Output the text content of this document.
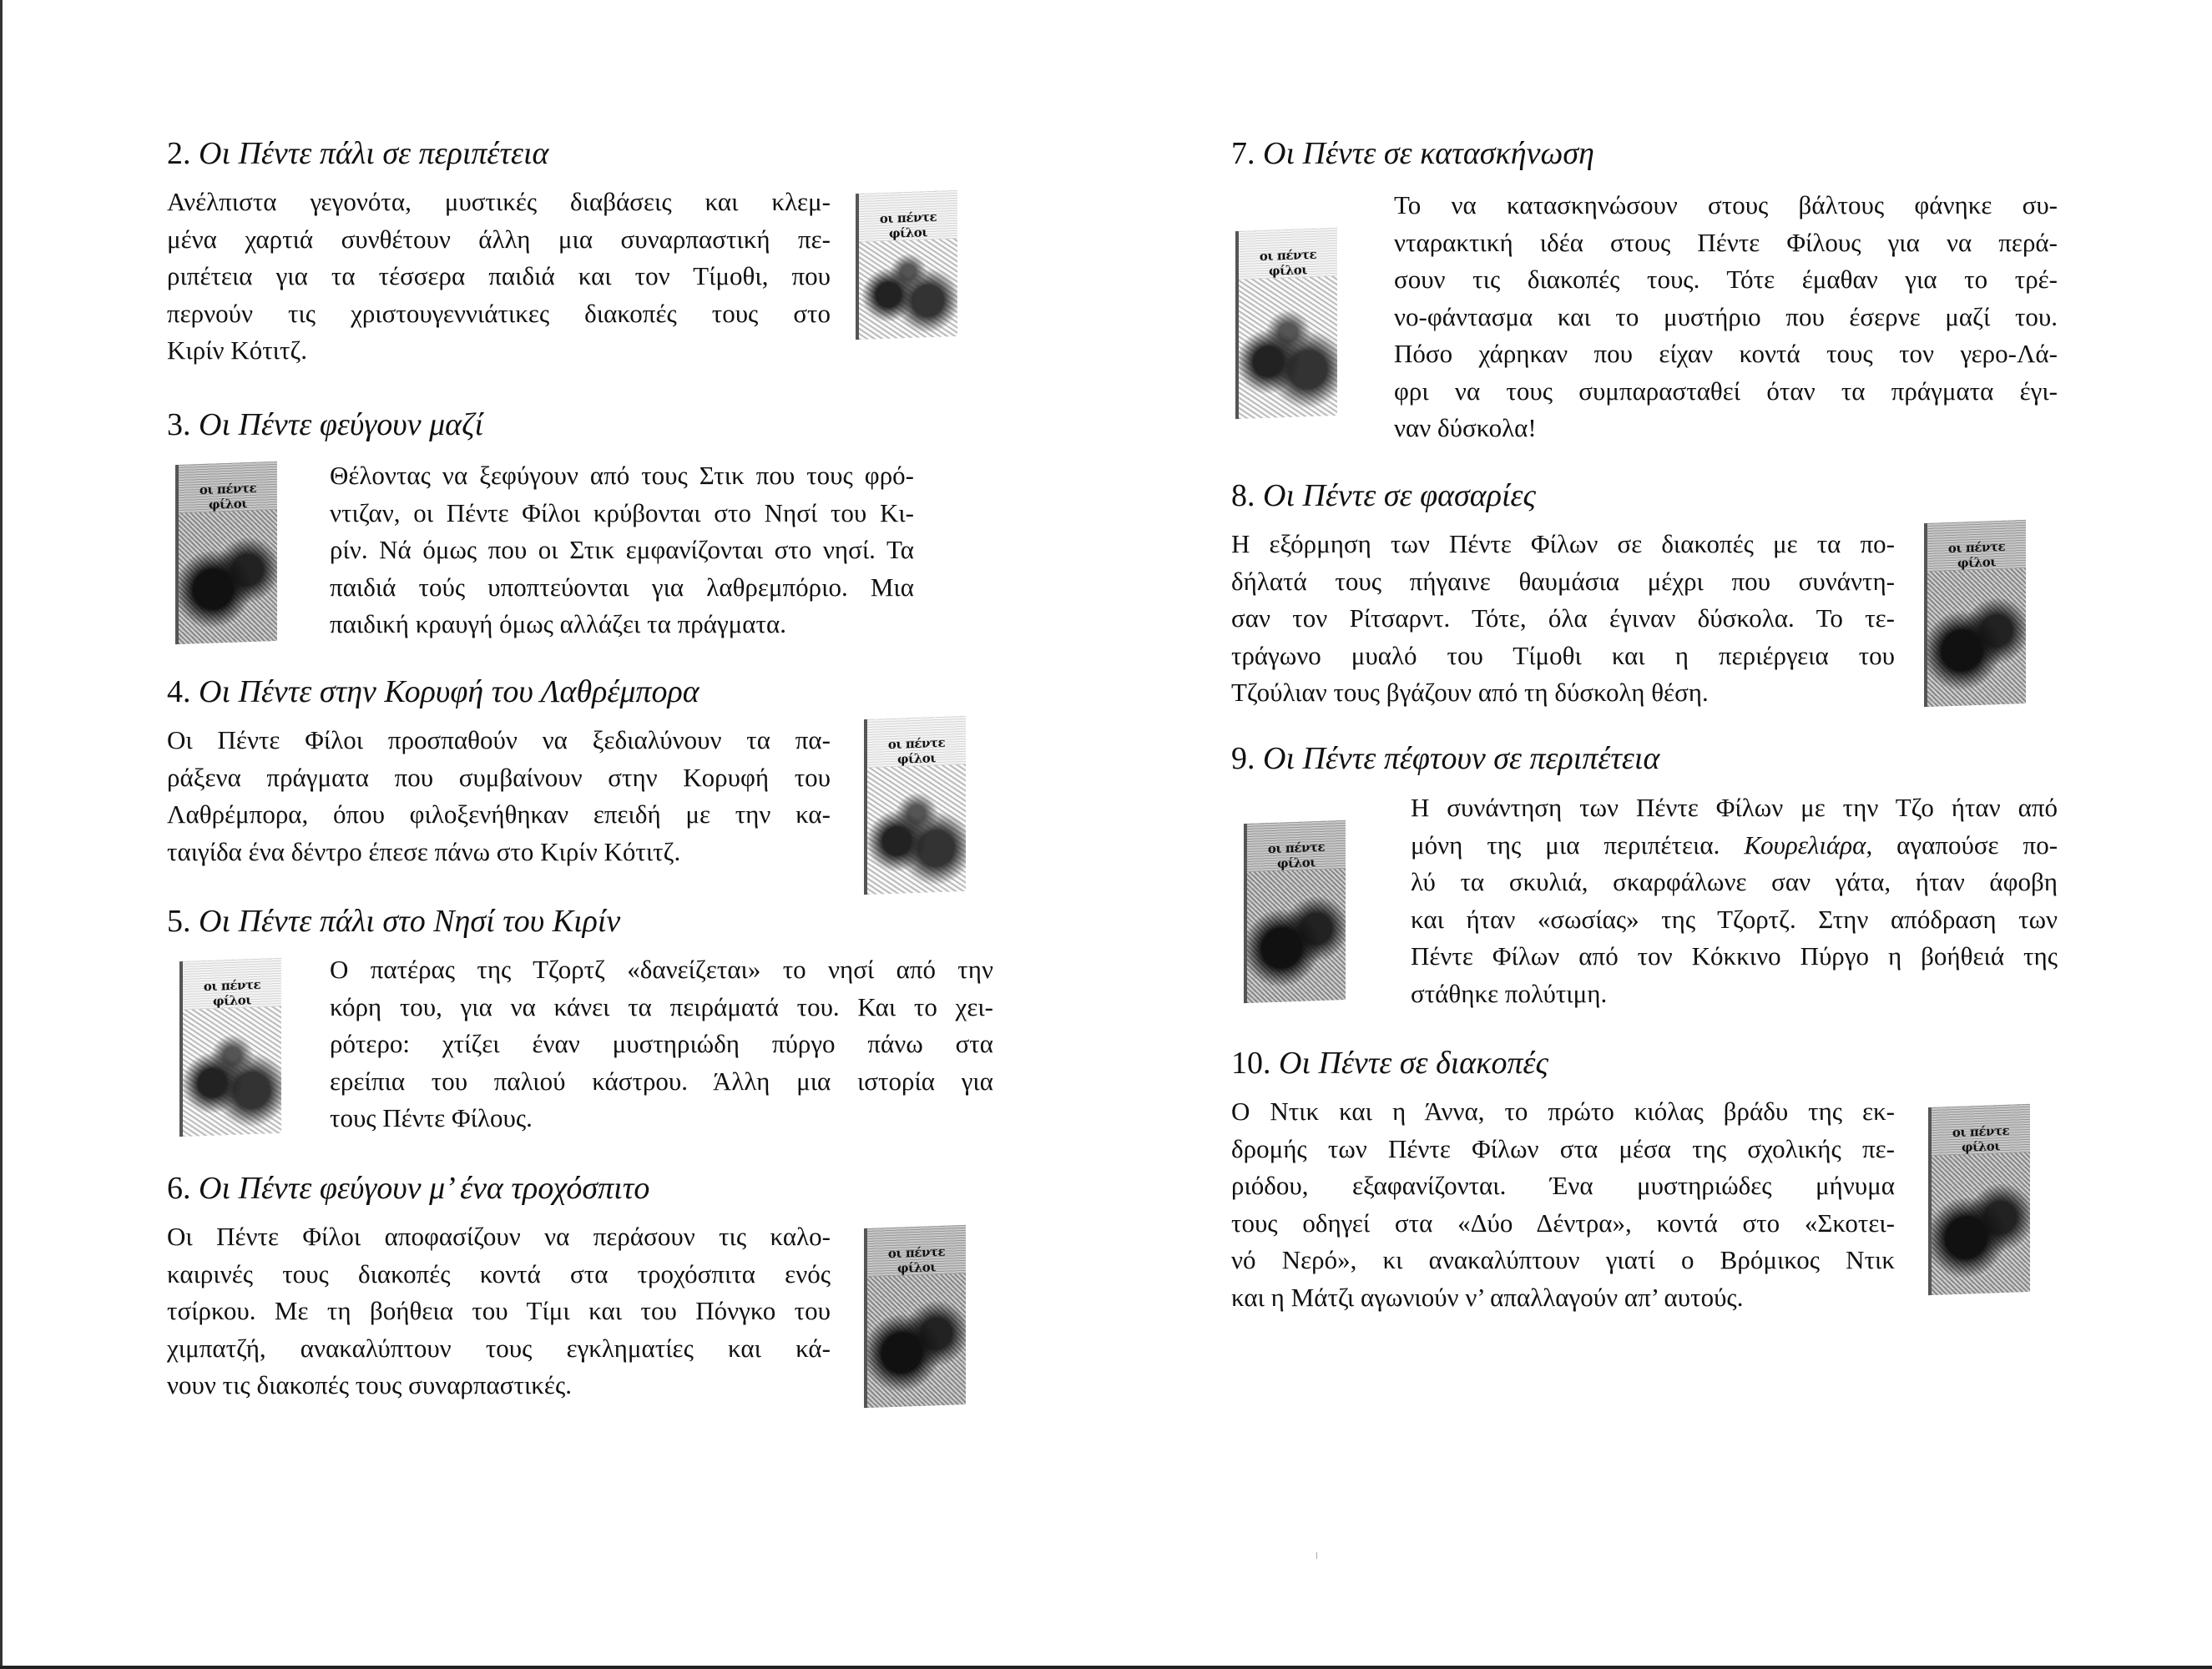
2. Οι Πέντε πάλι σε περιπέτεια

Ανέλπιστα γεγονότα, μυστικές διαβάσεις και κλεμ-
μένα χαρτιά συνθέτουν άλλη μια συναρπαστική πε-
ριπέτεια για τα τέσσερα παιδιά και τον Τίμοθι, που
περνούν τις χριστουγεννιάτικες διακοπές τους στο
Κιρίν Κότιτζ.

οι πέντε φίλοι
3. Οι Πέντε φεύγουν μαζί
οι πέντε φίλοι

Θέλοντας να ξεφύγουν από τους Στικ που τους φρό-
ντιζαν, οι Πέντε Φίλοι κρύβονται στο Νησί του Κι-
ρίν. Νά όμως που οι Στικ εμφανίζονται στο νησί. Τα
παιδιά τούς υποπτεύονται για λαθρεμπόριο. Μια
παιδική κραυγή όμως αλλάζει τα πράγματα.

4. Οι Πέντε στην Κορυφή του Λαθρέμπορα

Οι Πέντε Φίλοι προσπαθούν να ξεδιαλύνουν τα πα-
ράξενα πράγματα που συμβαίνουν στην Κορυφή του
Λαθρέμπορα, όπου φιλοξενήθηκαν επειδή με την κα-
ταιγίδα ένα δέντρο έπεσε πάνω στο Κιρίν Κότιτζ.

οι πέντε φίλοι
5. Οι Πέντε πάλι στο Νησί του Κιρίν
οι πέντε φίλοι

Ο πατέρας της Τζορτζ «δανείζεται» το νησί από την
κόρη του, για να κάνει τα πειράματά του. Και το χει-
ρότερο: χτίζει έναν μυστηριώδη πύργο πάνω στα
ερείπια του παλιού κάστρου. Άλλη μια ιστορία για
τους Πέντε Φίλους.

6. Οι Πέντε φεύγουν μ’ ένα τροχόσπιτο

Οι Πέντε Φίλοι αποφασίζουν να περάσουν τις καλο-
καιρινές τους διακοπές κοντά στα τροχόσπιτα ενός
τσίρκου. Με τη βοήθεια του Τίμι και του Πόνγκο του
χιμπατζή, ανακαλύπτουν τους εγκληματίες και κά-
νουν τις διακοπές τους συναρπαστικές.

οι πέντε φίλοι
7. Οι Πέντε σε κατασκήνωση
οι πέντε φίλοι

Το να κατασκηνώσουν στους βάλτους φάνηκε συ-
νταρακτική ιδέα στους Πέντε Φίλους για να περά-
σουν τις διακοπές τους. Τότε έμαθαν για το τρέ-
νο-φάντασμα και το μυστήριο που έσερνε μαζί του.
Πόσο χάρηκαν που είχαν κοντά τους τον γερο-Λά-
φρι να τους συμπαρασταθεί όταν τα πράγματα έγι-
ναν δύσκολα!

8. Οι Πέντε σε φασαρίες

Η εξόρμηση των Πέντε Φίλων σε διακοπές με τα πο-
δήλατά τους πήγαινε θαυμάσια μέχρι που συνάντη-
σαν τον Ρίτσαρντ. Τότε, όλα έγιναν δύσκολα. Το τε-
τράγωνο μυαλό του Τίμοθι και η περιέργεια του
Τζούλιαν τους βγάζουν από τη δύσκολη θέση.

οι πέντε φίλοι
9. Οι Πέντε πέφτουν σε περιπέτεια
οι πέντε φίλοι

Η συνάντηση των Πέντε Φίλων με την Τζο ήταν από
μόνη της μια περιπέτεια. Κουρελιάρα, αγαπούσε πο-
λύ τα σκυλιά, σκαρφάλωνε σαν γάτα, ήταν άφοβη
και ήταν «σωσίας» της Τζορτζ. Στην απόδραση των
Πέντε Φίλων από τον Κόκκινο Πύργο η βοήθειά της
στάθηκε πολύτιμη.

10. Οι Πέντε σε διακοπές

Ο Ντικ και η Άννα, το πρώτο κιόλας βράδυ της εκ-
δρομής των Πέντε Φίλων στα μέσα της σχολικής πε-
ριόδου, εξαφανίζονται. Ένα μυστηριώδες μήνυμα
τους οδηγεί στα «Δύο Δέντρα», κοντά στο «Σκοτει-
νό Νερό», κι ανακαλύπτουν γιατί ο Βρόμικος Ντικ
και η Μάτζι αγωνιούν ν’ απαλλαγούν απ’ αυτούς.

οι πέντε φίλοι
